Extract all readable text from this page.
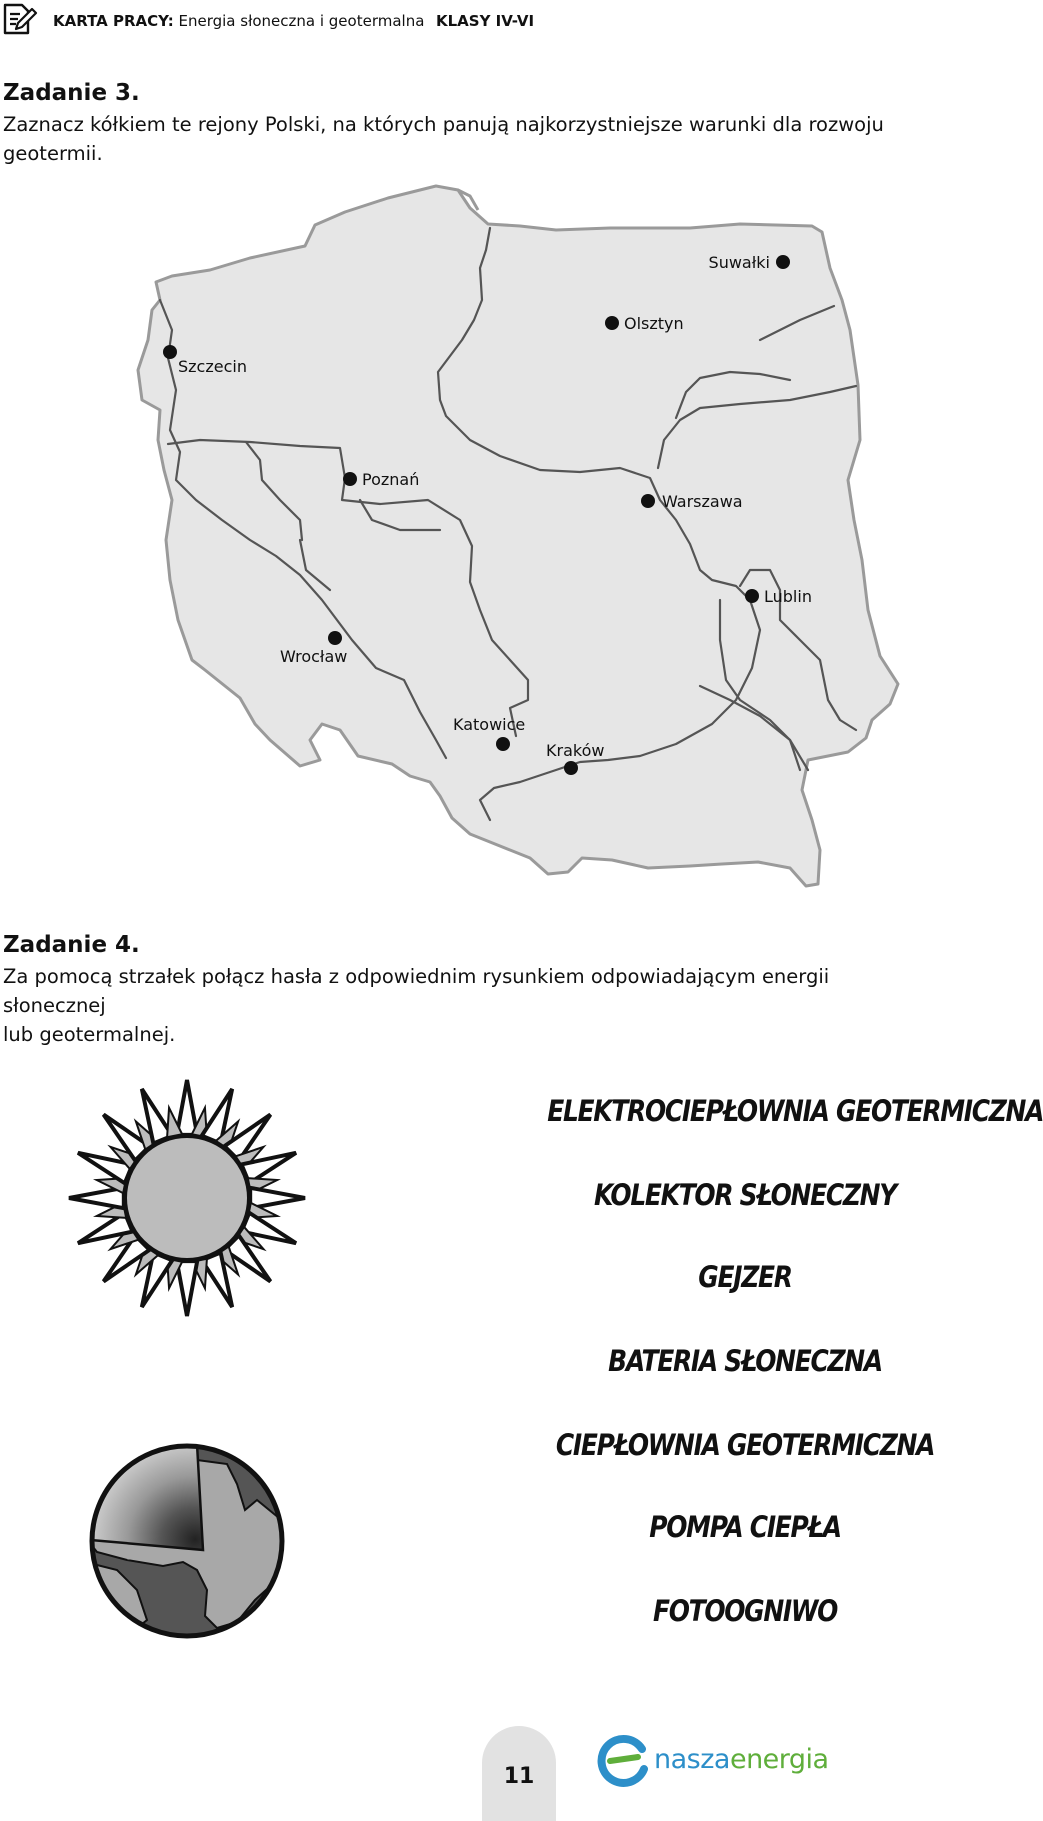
KARTA PRACY: Energia słoneczna i geotermalna KLASY IV-VI
Zadanie 3.
Zaznacz kółkiem te rejony Polski, na których panują najkorzystniejsze warunki dla rozwoju geotermii.
Suwałki
Olsztyn
Szczecin
Poznań
Warszawa
Lublin
Wrocław
Katowice
Kraków
Zadanie 4.
Za pomocą strzałek połącz hasła z odpowiednim rysunkiem odpowiadającym energii słonecznej
lub geotermalnej.
ELEKTROCIEPŁOWNIA GEOTERMICZNA
KOLEKTOR SŁONECZNY
GEJZER
BATERIA SŁONECZNA
CIEPŁOWNIA GEOTERMICZNA
POMPA CIEPŁA
FOTOOGNIWO
11
naszaenergia
